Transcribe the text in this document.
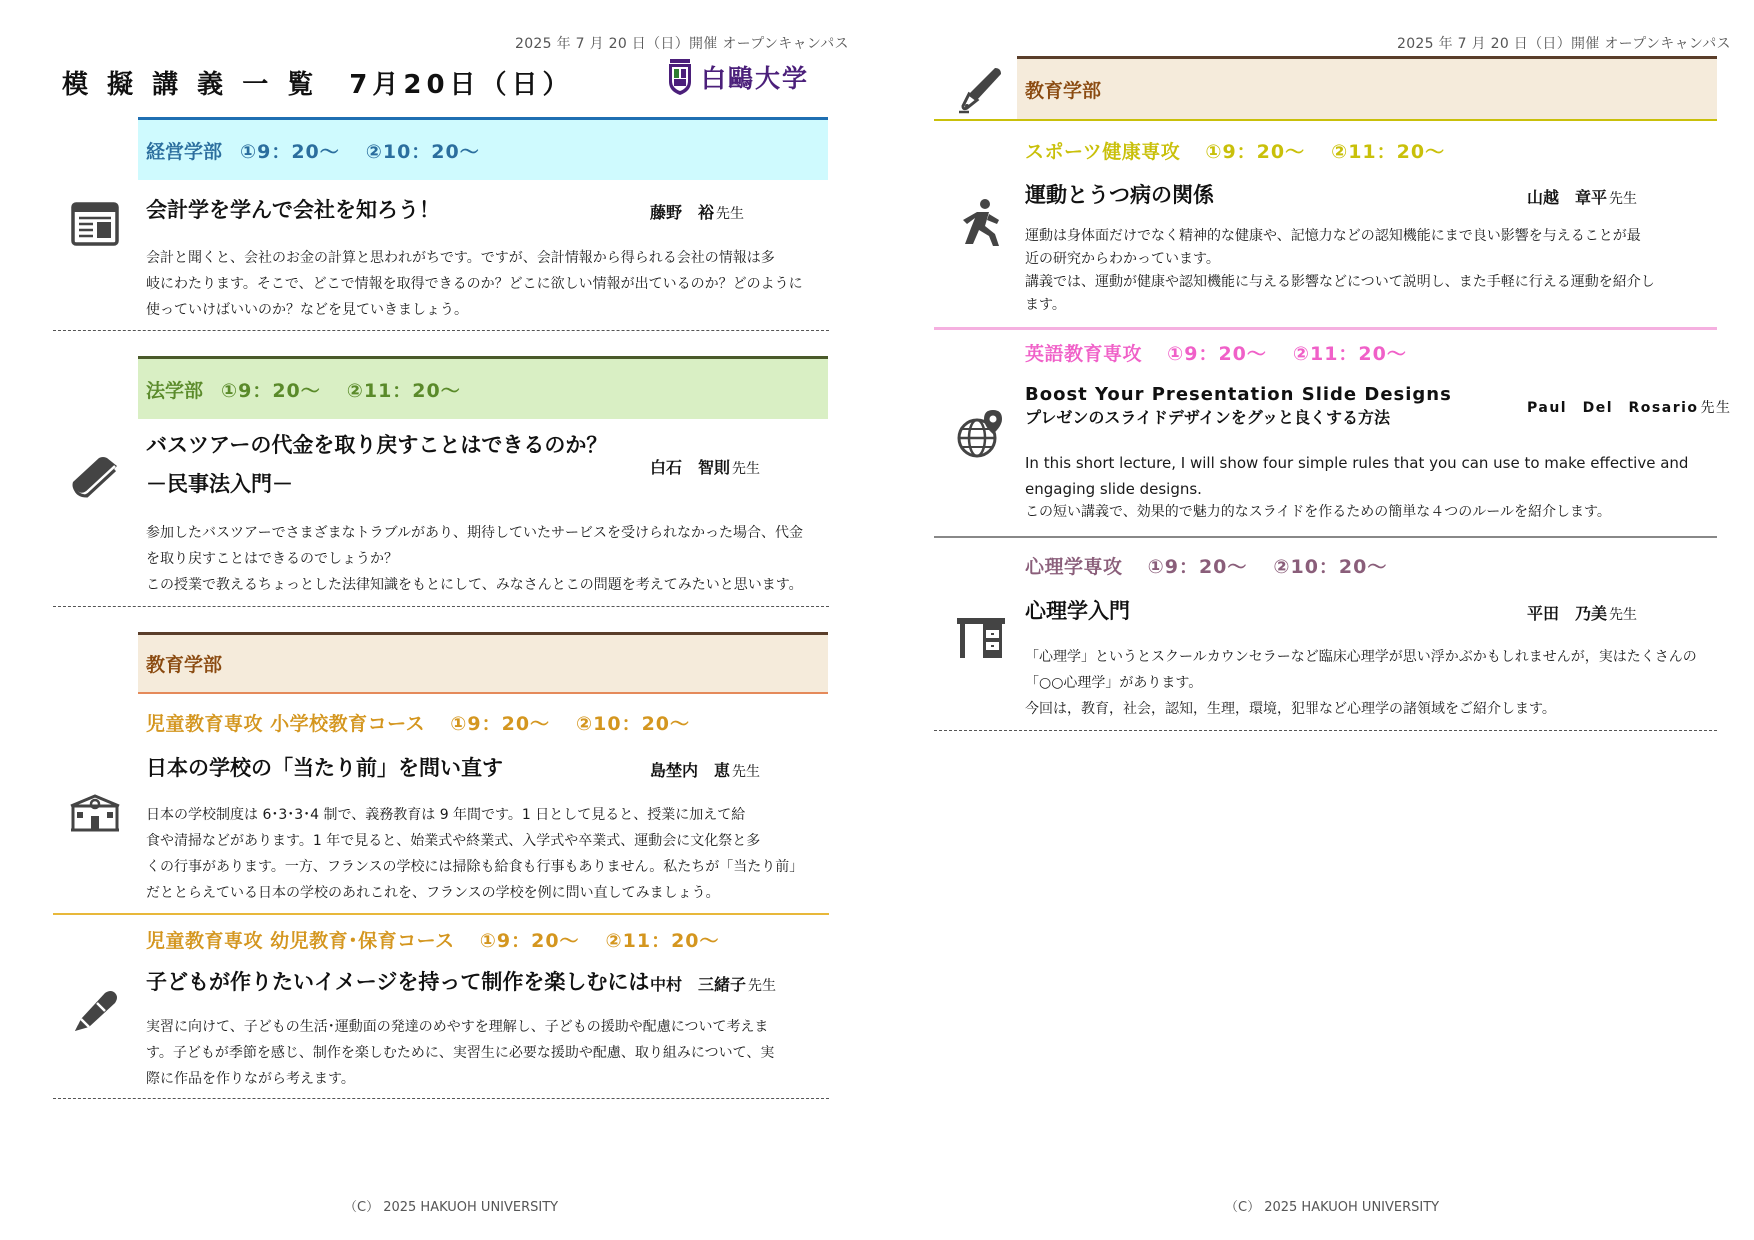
2025 年 7 月 20 日（日）開催 オープンキャンパス
模 擬 講 義 一 覧　7月20日（日）	白鷗大学
経営学部 ①9：20～ ②10：20～
会計学を学んで会社を知ろう！	藤野　裕 先生
会計と聞くと、会社のお金の計算と思われがちです。ですが、会計情報から得られる会社の情報は多
岐にわたります。そこで、どこで情報を取得できるのか？どこに欲しい情報が出ているのか？どのように
使っていけばいいのか？などを見ていきましょう。
法学部 ①9：20～ ②11：20～
バスツアーの代金を取り戻すことはできるのか？
－民事法入門－
白石　智則 先生
参加したバスツアーでさまざまなトラブルがあり、期待していたサービスを受けられなかった場合、代金
を取り戻すことはできるのでしょうか？
この授業で教えるちょっとした法律知識をもとにして、みなさんとこの問題を考えてみたいと思います。
教育学部
児童教育専攻 小学校教育コース ①9：20～ ②10：20～
日本の学校の「当たり前」を問い直す	島埜内　恵 先生
日本の学校制度は 6･3･3･4 制で、義務教育は 9 年間です。1 日として見ると、授業に加えて給
食や清掃などがあります。1 年で見ると、始業式や終業式、入学式や卒業式、運動会に文化祭と多
くの行事があります。一方、フランスの学校には掃除も給食も行事もありません。私たちが「当たり前」
だととらえている日本の学校のあれこれを、フランスの学校を例に問い直してみましょう。
児童教育専攻 幼児教育･保育コース ①9：20～ ②11：20～
子どもが作りたいイメージを持って制作を楽しむには 中村　三緒子 先生
実習に向けて、子どもの生活･運動面の発達のめやすを理解し、子どもの援助や配慮について考えま
す。子どもが季節を感じ、制作を楽しむために、実習生に必要な援助や配慮、取り組みについて、実
際に作品を作りながら考えます。
（C） 2025 HAKUOH UNIVERSITY
2025 年 7 月 20 日（日）開催 オープンキャンパス
教育学部
スポーツ健康専攻 ①9：20～ ②11：20～
運動とうつ病の関係	山越　章平 先生
運動は身体面だけでなく精神的な健康や、記憶力などの認知機能にまで良い影響を与えることが最
近の研究からわかっています。
講義では、運動が健康や認知機能に与える影響などについて説明し、また手軽に行える運動を紹介し
ます。
英語教育専攻 ①9：20～ ②11：20～
Boost Your Presentation Slide Designs
プレゼンのスライドデザインをグッと良くする方法	Paul　Del　Rosario 先生
In this short lecture, I will show four simple rules that you can use to make effective and
engaging slide designs.
この短い講義で、効果的で魅力的なスライドを作るための簡単な４つのルールを紹介します。
心理学専攻 ①9：20～ ②10：20～
心理学入門	平田　乃美 先生
「心理学」というとスクールカウンセラーなど臨床心理学が思い浮かぶかもしれませんが，実はたくさんの
「○○心理学」があります。
今回は，教育，社会，認知，生理，環境，犯罪など心理学の諸領域をご紹介します。
（C） 2025 HAKUOH UNIVERSITY
